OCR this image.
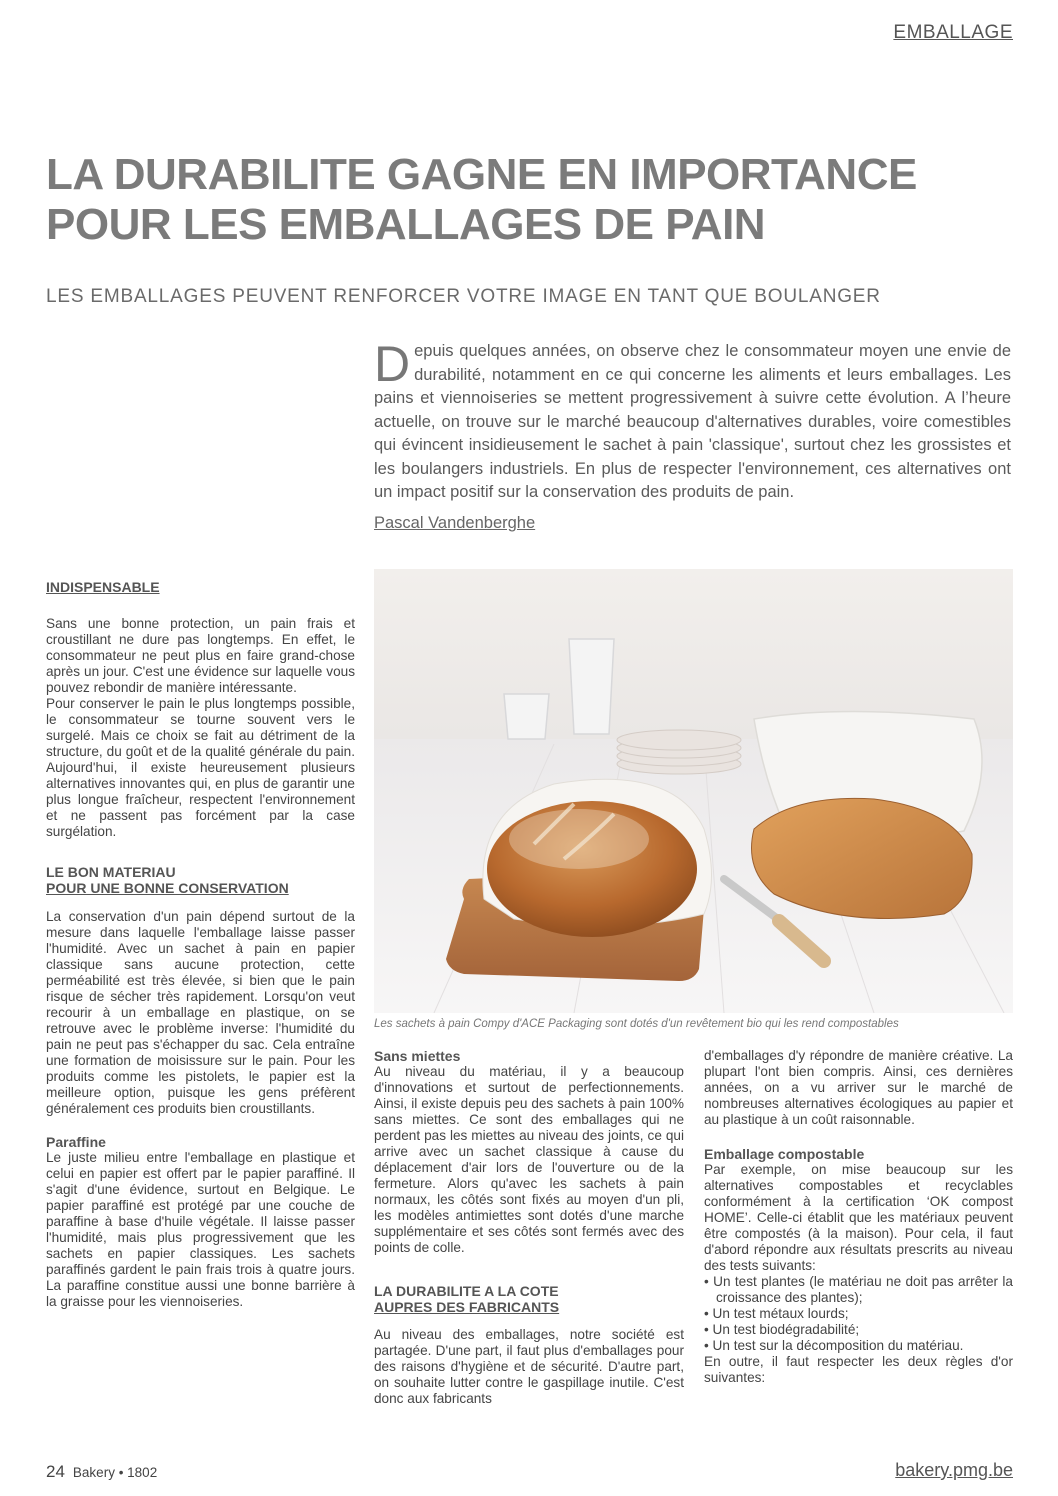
EMBALLAGE
LA DURABILITE GAGNE EN IMPORTANCE
POUR LES EMBALLAGES DE PAIN
LES EMBALLAGES PEUVENT RENFORCER VOTRE IMAGE EN TANT QUE BOULANGER

Depuis quelques années, on observe chez le consommateur moyen une envie de durabilité, notamment en ce qui concerne les aliments et leurs emballages. Les pains et viennoiseries se mettent progressivement à suivre cette évolution. A l’heure actuelle, on trouve sur le marché beaucoup d'alternatives durables, voire comestibles qui évincent insidieusement le sachet à pain 'classique', surtout chez les grossistes et les boulangers industriels. En plus de respecter l'environnement, ces alternatives ont un impact positif sur la conservation des produits de pain.

Pascal Vandenberghe
INDISPENSABLE

Sans une bonne protection, un pain frais et croustillant ne dure pas longtemps. En effet, le consommateur ne peut plus en faire grand-chose après un jour. C'est une évidence sur laquelle vous pouvez rebondir de manière intéressante.

Pour conserver le pain le plus longtemps possible, le consommateur se tourne souvent vers le surgelé. Mais ce choix se fait au détriment de la structure, du goût et de la qualité générale du pain. Aujourd'hui, il existe heureusement plusieurs alternatives innovantes qui, en plus de garantir une plus longue fraîcheur, respectent l'environnement et ne passent pas forcément par la case surgélation.

LE BON MATERIAU
POUR UNE BONNE CONSERVATION

La conservation d'un pain dépend surtout de la mesure dans laquelle l'emballage laisse passer l'humidité. Avec un sachet à pain en papier classique sans aucune protection, cette perméabilité est très élevée, si bien que le pain risque de sécher très rapidement. Lorsqu'on veut recourir à un emballage en plastique, on se retrouve avec le problème inverse: l'humidité du pain ne peut pas s'échapper du sac. Cela entraîne une formation de moisissure sur le pain. Pour les produits comme les pistolets, le papier est la meilleure option, puisque les gens préfèrent généralement ces produits bien croustillants.

Paraffine

Le juste milieu entre l'emballage en plastique et celui en papier est offert par le papier paraffiné. Il s'agit d'une évidence, surtout en Belgique. Le papier paraffiné est protégé par une couche de paraffine à base d'huile végétale. Il laisse passer l'humidité, mais plus progressivement que les sachets en papier classiques. Les sachets paraffinés gardent le pain frais trois à quatre jours. La paraffine constitue aussi une bonne barrière à la graisse pour les viennoiseries.

Les sachets à pain Compy d'ACE Packaging sont dotés d'un revêtement bio qui les rend compostables
Sans miettes

Au niveau du matériau, il y a beaucoup d'innovations et surtout de perfectionnements. Ainsi, il existe depuis peu des sachets à pain 100% sans miettes. Ce sont des emballages qui ne perdent pas les miettes au niveau des joints, ce qui arrive avec un sachet classique à cause du déplacement d'air lors de l'ouverture ou de la fermeture. Alors qu'avec les sachets à pain normaux, les côtés sont fixés au moyen d'un pli, les modèles antimiettes sont dotés d'une marche supplémentaire et ses côtés sont fermés avec des points de colle.

LA DURABILITE A LA COTE
AUPRES DES FABRICANTS

Au niveau des emballages, notre société est partagée. D'une part, il faut plus d'emballages pour des raisons d'hygiène et de sécurité. D'autre part, on souhaite lutter contre le gaspillage inutile. C'est donc aux fabricants

d'emballages d'y répondre de manière créative. La plupart l'ont bien compris. Ainsi, ces dernières années, on a vu arriver sur le marché de nombreuses alternatives écologiques au papier et au plastique à un coût raisonnable.

Emballage compostable

Par exemple, on mise beaucoup sur les alternatives compostables et recyclables conformément à la certification ‘OK compost HOME’. Celle-ci établit que les matériaux peuvent être compostés (à la maison). Pour cela, il faut d'abord répondre aux résultats prescrits au niveau des tests suivants:

• Un test plantes (le matériau ne doit pas arrêter la croissance des plantes);
• Un test métaux lourds;
• Un test biodégradabilité;
• Un test sur la décomposition du matériau.

En outre, il faut respecter les deux règles d'or suivantes:

24 Bakery • 1802	bakery.pmg.be
